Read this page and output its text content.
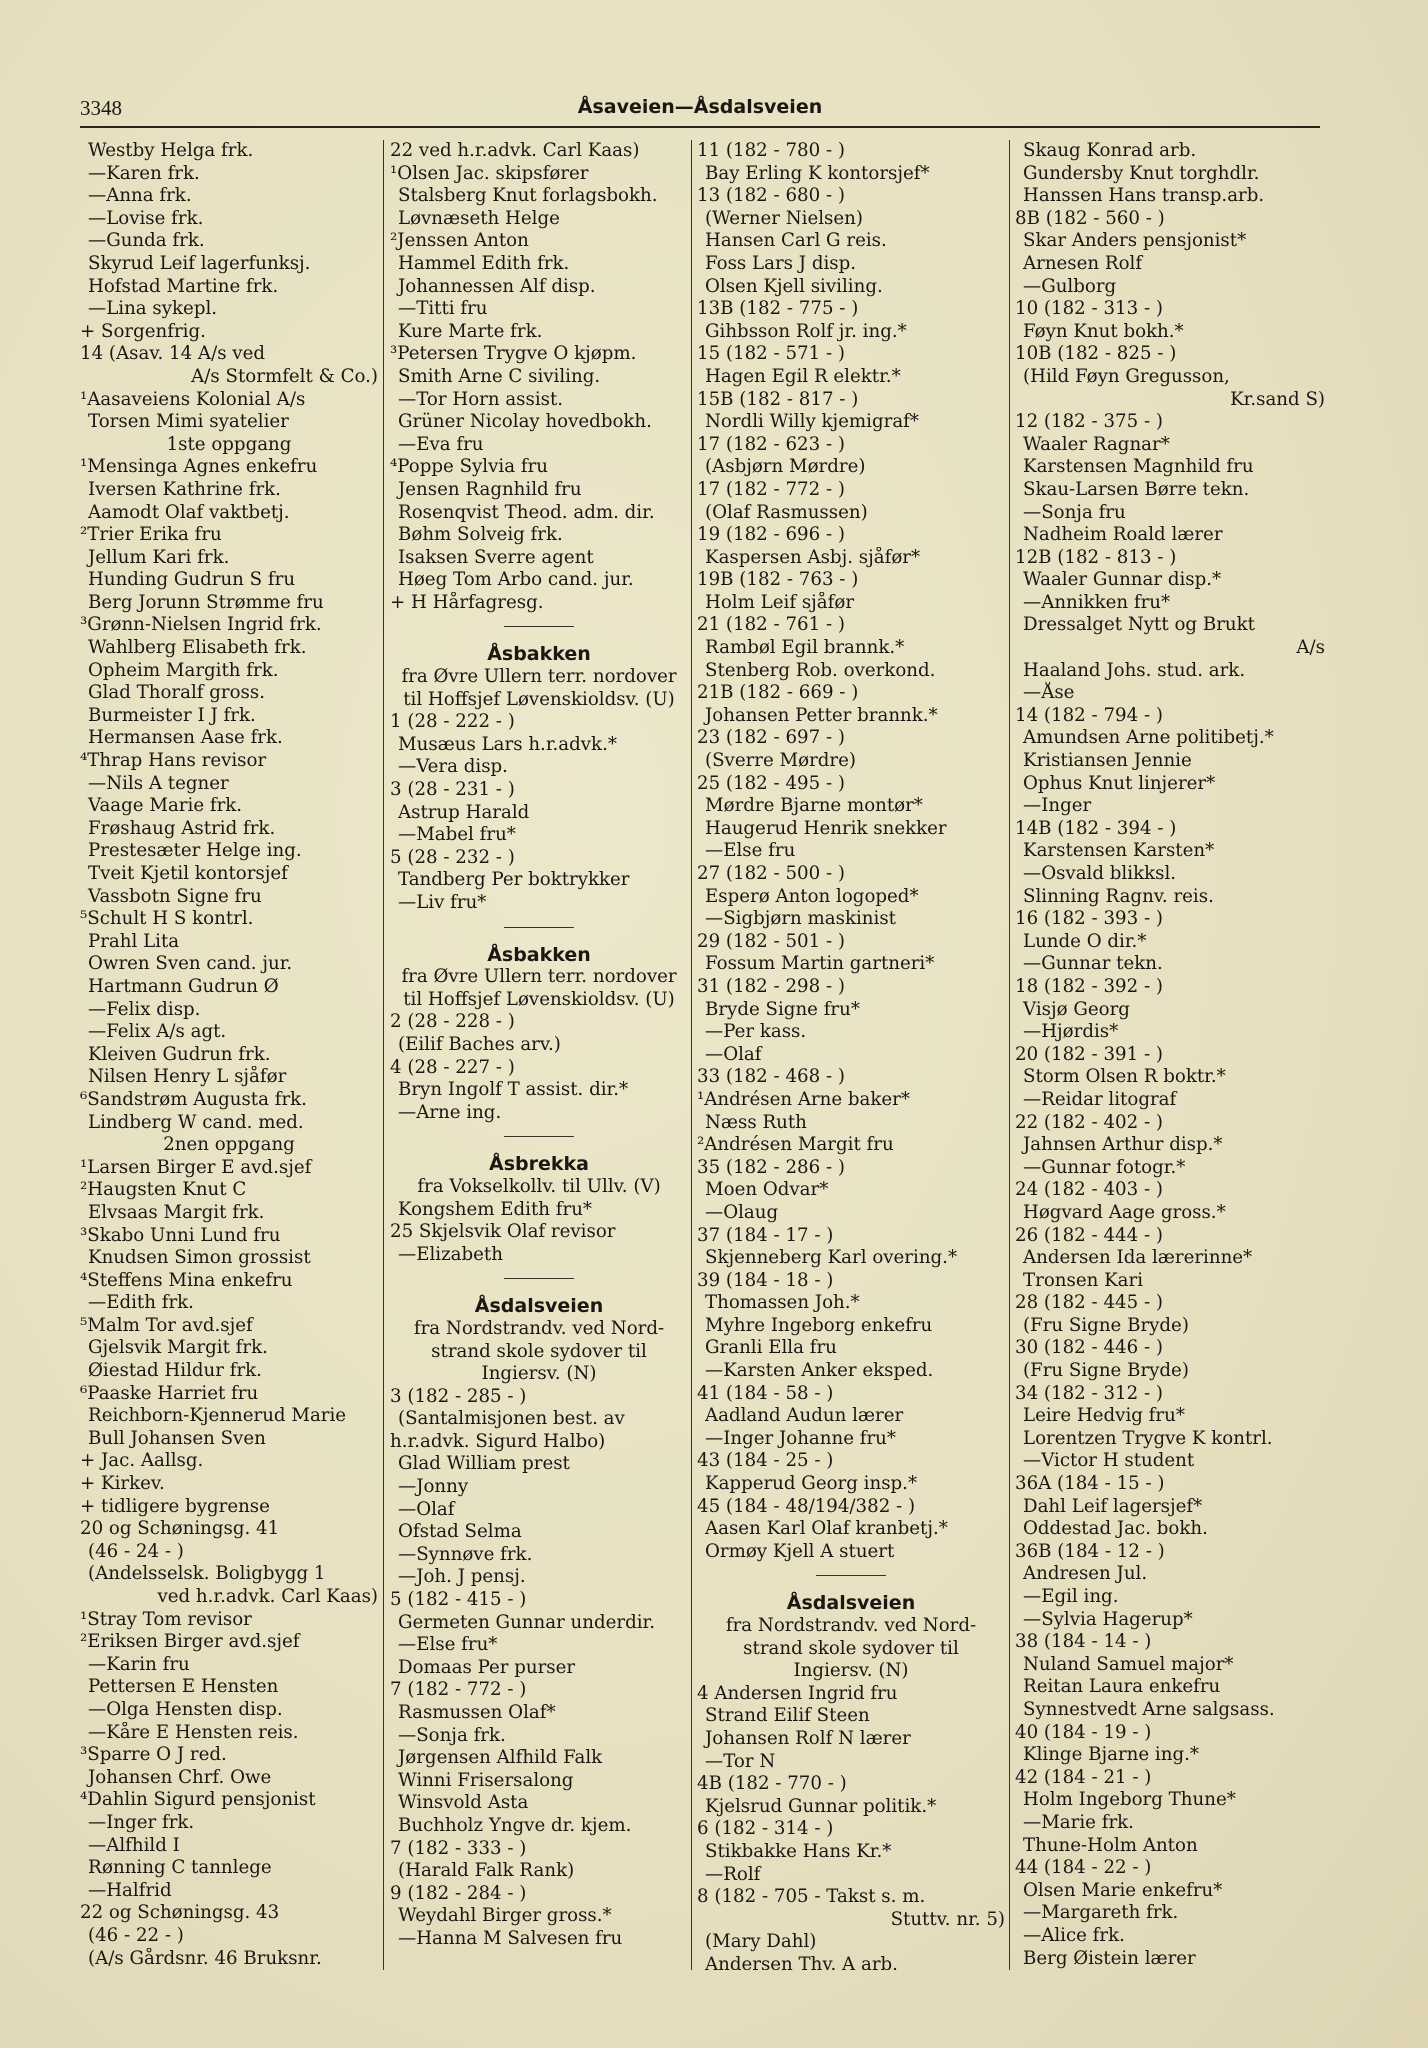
3348	Åsaveien—Åsdalsveien
Westby Helga frk.
—Karen frk.
—Anna frk.
—Lovise frk.
—Gunda frk.
Skyrud Leif lagerfunksj.
Hofstad Martine frk.
—Lina sykepl.
+ Sorgenfrig.
14 (Asav. 14 A/s ved
A/s Stormfelt & Co.)
¹Aasaveiens Kolonial A/s
Torsen Mimi syatelier
1ste oppgang
¹Mensinga Agnes enkefru
Iversen Kathrine frk.
Aamodt Olaf vaktbetj.
²Trier Erika fru
Jellum Kari frk.
Hunding Gudrun S fru
Berg Jorunn Strømme fru
³Grønn-Nielsen Ingrid frk.
Wahlberg Elisabeth frk.
Opheim Margith frk.
Glad Thoralf gross.
Burmeister I J frk.
Hermansen Aase frk.
⁴Thrap Hans revisor
—Nils A tegner
Vaage Marie frk.
Frøshaug Astrid frk.
Prestesæter Helge ing.
Tveit Kjetil kontorsjef
Vassbotn Signe fru
⁵Schult H S kontrl.
Prahl Lita
Owren Sven cand. jur.
Hartmann Gudrun Ø
—Felix disp.
—Felix A/s agt.
Kleiven Gudrun frk.
Nilsen Henry L sjåfør
⁶Sandstrøm Augusta frk.
Lindberg W cand. med.
2nen oppgang
¹Larsen Birger E avd.sjef
²Haugsten Knut C
Elvsaas Margit frk.
³Skabo Unni Lund fru
Knudsen Simon grossist
⁴Steffens Mina enkefru
—Edith frk.
⁵Malm Tor avd.sjef
Gjelsvik Margit frk.
Øiestad Hildur frk.
⁶Paaske Harriet fru
Reichborn-Kjennerud Marie
Bull Johansen Sven
+ Jac. Aallsg.
+ Kirkev.
+ tidligere bygrense
20 og Schøningsg. 41
(46 - 24 - )
(Andelsselsk. Boligbygg 1
ved h.r.advk. Carl Kaas)
¹Stray Tom revisor
²Eriksen Birger avd.sjef
—Karin fru
Pettersen E Hensten
—Olga Hensten disp.
—Kåre E Hensten reis.
³Sparre O J red.
Johansen Chrf. Owe
⁴Dahlin Sigurd pensjonist
—Inger frk.
—Alfhild I
Rønning C tannlege
—Halfrid
22 og Schøningsg. 43
(46 - 22 - )
(A/s Gårdsnr. 46 Bruksnr.
22 ved h.r.advk. Carl Kaas)
¹Olsen Jac. skipsfører
Stalsberg Knut forlagsbokh.
Løvnæseth Helge
²Jenssen Anton
Hammel Edith frk.
Johannessen Alf disp.
—Titti fru
Kure Marte frk.
³Petersen Trygve O kjøpm.
Smith Arne C siviling.
—Tor Horn assist.
Grüner Nicolay hovedbokh.
—Eva fru
⁴Poppe Sylvia fru
Jensen Ragnhild fru
Rosenqvist Theod. adm. dir.
Bøhm Solveig frk.
Isaksen Sverre agent
Høeg Tom Arbo cand. jur.
+ H Hårfagresg.
Åsbakken
fra Øvre Ullern terr. nordover
til Hoffsjef Løvenskioldsv. (U)
1 (28 - 222 - )
Musæus Lars h.r.advk.*
—Vera disp.
3 (28 - 231 - )
Astrup Harald
—Mabel fru*
5 (28 - 232 - )
Tandberg Per boktrykker
—Liv fru*
Åsbakken
fra Øvre Ullern terr. nordover
til Hoffsjef Løvenskioldsv. (U)
2 (28 - 228 - )
(Eilif Baches arv.)
4 (28 - 227 - )
Bryn Ingolf T assist. dir.*
—Arne ing.
Åsbrekka
fra Vokselkollv. til Ullv. (V)
Kongshem Edith fru*
25 Skjelsvik Olaf revisor
—Elizabeth
Åsdalsveien
fra Nordstrandv. ved Nord-
strand skole sydover til
Ingiersv. (N)
3 (182 - 285 - )
(Santalmisjonen best. av
h.r.advk. Sigurd Halbo)
Glad William prest
—Jonny
—Olaf
Ofstad Selma
—Synnøve frk.
—Joh. J pensj.
5 (182 - 415 - )
Germeten Gunnar underdir.
—Else fru*
Domaas Per purser
7 (182 - 772 - )
Rasmussen Olaf*
—Sonja frk.
Jørgensen Alfhild Falk
Winni Frisersalong
Winsvold Asta
Buchholz Yngve dr. kjem.
7 (182 - 333 - )
(Harald Falk Rank)
9 (182 - 284 - )
Weydahl Birger gross.*
—Hanna M Salvesen fru
11 (182 - 780 - )
Bay Erling K kontorsjef*
13 (182 - 680 - )
(Werner Nielsen)
Hansen Carl G reis.
Foss Lars J disp.
Olsen Kjell siviling.
13B (182 - 775 - )
Gihbsson Rolf jr. ing.*
15 (182 - 571 - )
Hagen Egil R elektr.*
15B (182 - 817 - )
Nordli Willy kjemigraf*
17 (182 - 623 - )
(Asbjørn Mørdre)
17 (182 - 772 - )
(Olaf Rasmussen)
19 (182 - 696 - )
Kaspersen Asbj. sjåfør*
19B (182 - 763 - )
Holm Leif sjåfør
21 (182 - 761 - )
Rambøl Egil brannk.*
Stenberg Rob. overkond.
21B (182 - 669 - )
Johansen Petter brannk.*
23 (182 - 697 - )
(Sverre Mørdre)
25 (182 - 495 - )
Mørdre Bjarne montør*
Haugerud Henrik snekker
—Else fru
27 (182 - 500 - )
Esperø Anton logoped*
—Sigbjørn maskinist
29 (182 - 501 - )
Fossum Martin gartneri*
31 (182 - 298 - )
Bryde Signe fru*
—Per kass.
—Olaf
33 (182 - 468 - )
¹Andrésen Arne baker*
Næss Ruth
²Andrésen Margit fru
35 (182 - 286 - )
Moen Odvar*
—Olaug
37 (184 - 17 - )
Skjenneberg Karl overing.*
39 (184 - 18 - )
Thomassen Joh.*
Myhre Ingeborg enkefru
Granli Ella fru
—Karsten Anker eksped.
41 (184 - 58 - )
Aadland Audun lærer
—Inger Johanne fru*
43 (184 - 25 - )
Kapperud Georg insp.*
45 (184 - 48/194/382 - )
Aasen Karl Olaf kranbetj.*
Ormøy Kjell A stuert
Åsdalsveien
fra Nordstrandv. ved Nord-
strand skole sydover til
Ingiersv. (N)
4 Andersen Ingrid fru
Strand Eilif Steen
Johansen Rolf N lærer
—Tor N
4B (182 - 770 - )
Kjelsrud Gunnar politik.*
6 (182 - 314 - )
Stikbakke Hans Kr.*
—Rolf
8 (182 - 705 - Takst s. m.
Stuttv. nr. 5)
(Mary Dahl)
Andersen Thv. A arb.
Skaug Konrad arb.
Gundersby Knut torghdlr.
Hanssen Hans transp.arb.
8B (182 - 560 - )
Skar Anders pensjonist*
Arnesen Rolf
—Gulborg
10 (182 - 313 - )
Føyn Knut bokh.*
10B (182 - 825 - )
(Hild Føyn Gregusson,
Kr.sand S)
12 (182 - 375 - )
Waaler Ragnar*
Karstensen Magnhild fru
Skau-Larsen Børre tekn.
—Sonja fru
Nadheim Roald lærer
12B (182 - 813 - )
Waaler Gunnar disp.*
—Annikken fru*
Dressalget Nytt og Brukt
A/s
Haaland Johs. stud. ark.
—Åse
14 (182 - 794 - )
Amundsen Arne politibetj.*
Kristiansen Jennie
Ophus Knut linjerer*
—Inger
14B (182 - 394 - )
Karstensen Karsten*
—Osvald blikksl.
Slinning Ragnv. reis.
16 (182 - 393 - )
Lunde O dir.*
—Gunnar tekn.
18 (182 - 392 - )
Visjø Georg
—Hjørdis*
20 (182 - 391 - )
Storm Olsen R boktr.*
—Reidar litograf
22 (182 - 402 - )
Jahnsen Arthur disp.*
—Gunnar fotogr.*
24 (182 - 403 - )
Høgvard Aage gross.*
26 (182 - 444 - )
Andersen Ida lærerinne*
Tronsen Kari
28 (182 - 445 - )
(Fru Signe Bryde)
30 (182 - 446 - )
(Fru Signe Bryde)
34 (182 - 312 - )
Leire Hedvig fru*
Lorentzen Trygve K kontrl.
—Victor H student
36A (184 - 15 - )
Dahl Leif lagersjef*
Oddestad Jac. bokh.
36B (184 - 12 - )
Andresen Jul.
—Egil ing.
—Sylvia Hagerup*
38 (184 - 14 - )
Nuland Samuel major*
Reitan Laura enkefru
Synnestvedt Arne salgsass.
40 (184 - 19 - )
Klinge Bjarne ing.*
42 (184 - 21 - )
Holm Ingeborg Thune*
—Marie frk.
Thune-Holm Anton
44 (184 - 22 - )
Olsen Marie enkefru*
—Margareth frk.
—Alice frk.
Berg Øistein lærer
